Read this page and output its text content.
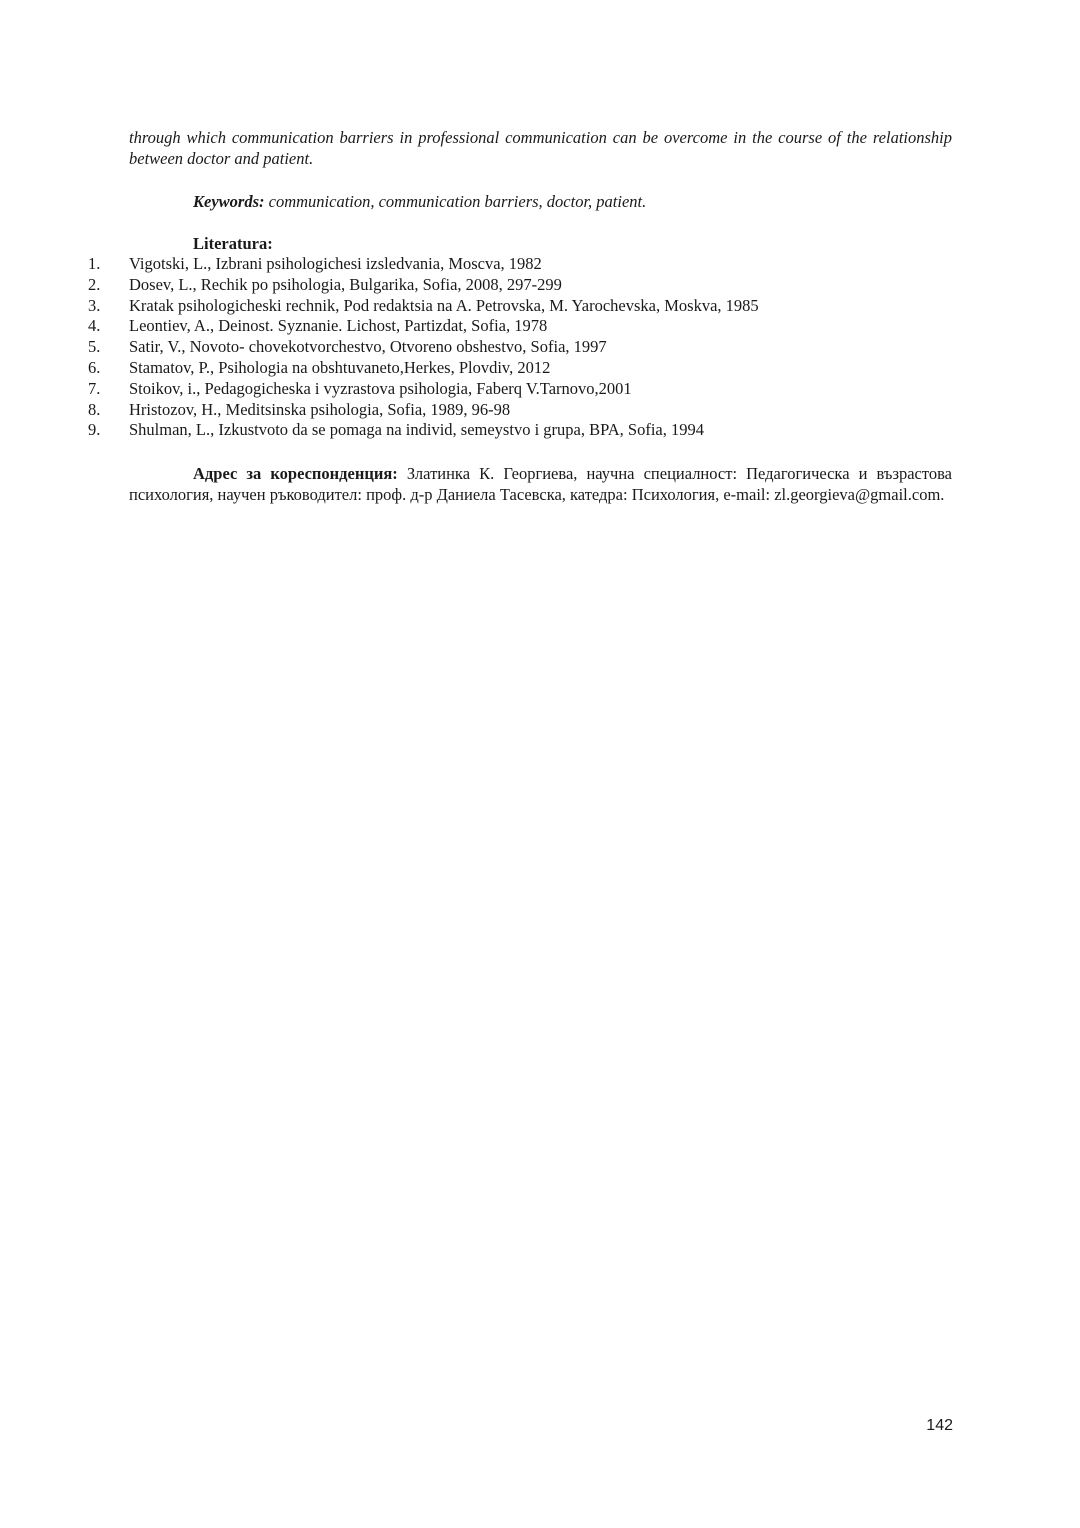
through which communication barriers in professional communication can be overcome in the course of the relationship between doctor and patient.

Keywords: communication, communication barriers, doctor, patient.

Literatura:
1. Vigotski, L., Izbrani psihologichesi izsledvania, Moscva, 1982
2. Dosev, L., Rechik po psihologia, Bulgarika, Sofia, 2008, 297-299
3. Kratak psihologicheski rechnik, Pod redaktsia na A. Petrovska, M. Yarochevska, Moskva, 1985
4. Leontiev, A., Deinost. Syznanie. Lichost, Partizdat, Sofia, 1978
5. Satir, V., Novoto- chovekotvorchestvo, Otvoreno obshestvo, Sofia, 1997
6. Stamatov, P., Psihologia na obshtuvaneto,Herkes, Plovdiv, 2012
7. Stoikov, i., Pedagogicheska i vyzrastova psihologia, Faberq V.Tarnovo,2001
8. Hristozov, H., Meditsinska psihologia, Sofia, 1989, 96-98
9. Shulman, L., Izkustvoto da se pomaga na individ, semeystvo i grupa, BPA, Sofia, 1994

Адрес за кореспонденция: Златинка К. Георгиева, научна специалност: Педагогическа и възрастова психология, научен ръководител: проф. д-р Даниела Тасевска, катедра: Психология, e-mail: zl.georgieva@gmail.com.

142
